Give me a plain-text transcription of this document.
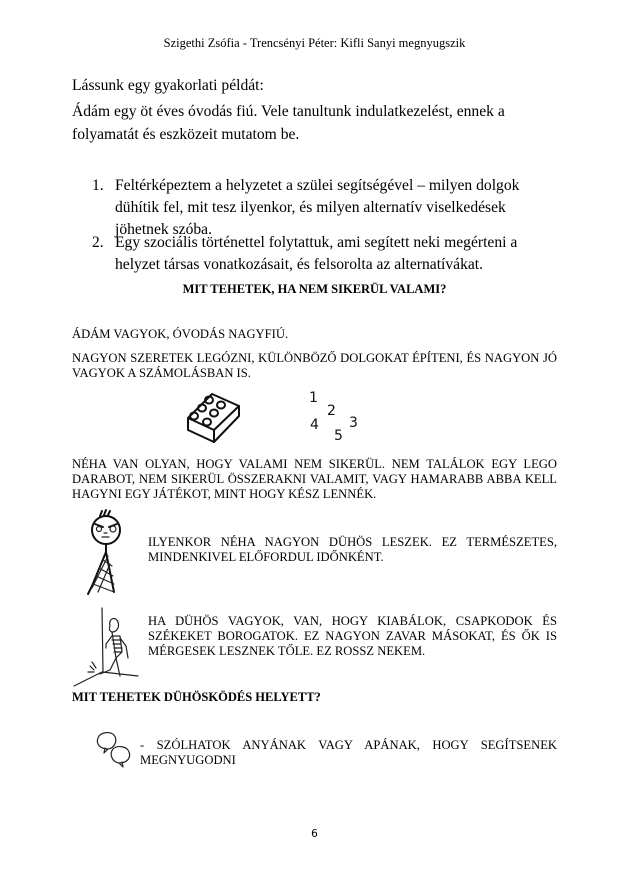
Szigethi Zsófia - Trencsényi Péter: Kifli Sanyi megnyugszik
Lássunk egy gyakorlati példát:
Ádám egy öt éves óvodás fiú. Vele tanultunk indulatkezelést, ennek a folyamatát és eszközeit mutatom be.
1. Feltérképeztem a helyzetet a szülei segítségével – milyen dolgok dühítik fel, mit tesz ilyenkor, és milyen alternatív viselkedések jöhetnek szóba.
2. Egy szociális történettel folytattuk, ami segített neki megérteni a helyzet társas vonatkozásait, és felsorolta az alternatívákat.
MIT TEHETEK, HA NEM SIKERÜL VALAMI?
ÁDÁM VAGYOK, ÓVODÁS NAGYFIÚ.
NAGYON SZERETEK LEGÓZNI, KÜLÖNBÖZŐ DOLGOKAT ÉPÍTENI, ÉS NAGYON JÓ VAGYOK A SZÁMOLÁSBAN IS.
1
2
4
5
3
NÉHA VAN OLYAN, HOGY VALAMI NEM SIKERÜL. NEM TALÁLOK EGY LEGO DARABOT, NEM SIKERÜL ÖSSZERAKNI VALAMIT, VAGY HAMARABB ABBA KELL HAGYNI EGY JÁTÉKOT, MINT HOGY KÉSZ LENNÉK.
ILYENKOR NÉHA NAGYON DÜHÖS LESZEK. EZ TERMÉSZETES, MINDENKIVEL ELŐFORDUL IDŐNKÉNT.
HA DÜHÖS VAGYOK, VAN, HOGY KIABÁLOK, CSAPKODOK ÉS SZÉKEKET BOROGATOK. EZ NAGYON ZAVAR MÁSOKAT, ÉS ŐK IS MÉRGESEK LESZNEK TŐLE. EZ ROSSZ NEKEM.
MIT TEHETEK DÜHÖSKÖDÉS HELYETT?
- SZÓLHATOK ANYÁNAK VAGY APÁNAK, HOGY SEGÍTSENEK MEGNYUGODNI
6
